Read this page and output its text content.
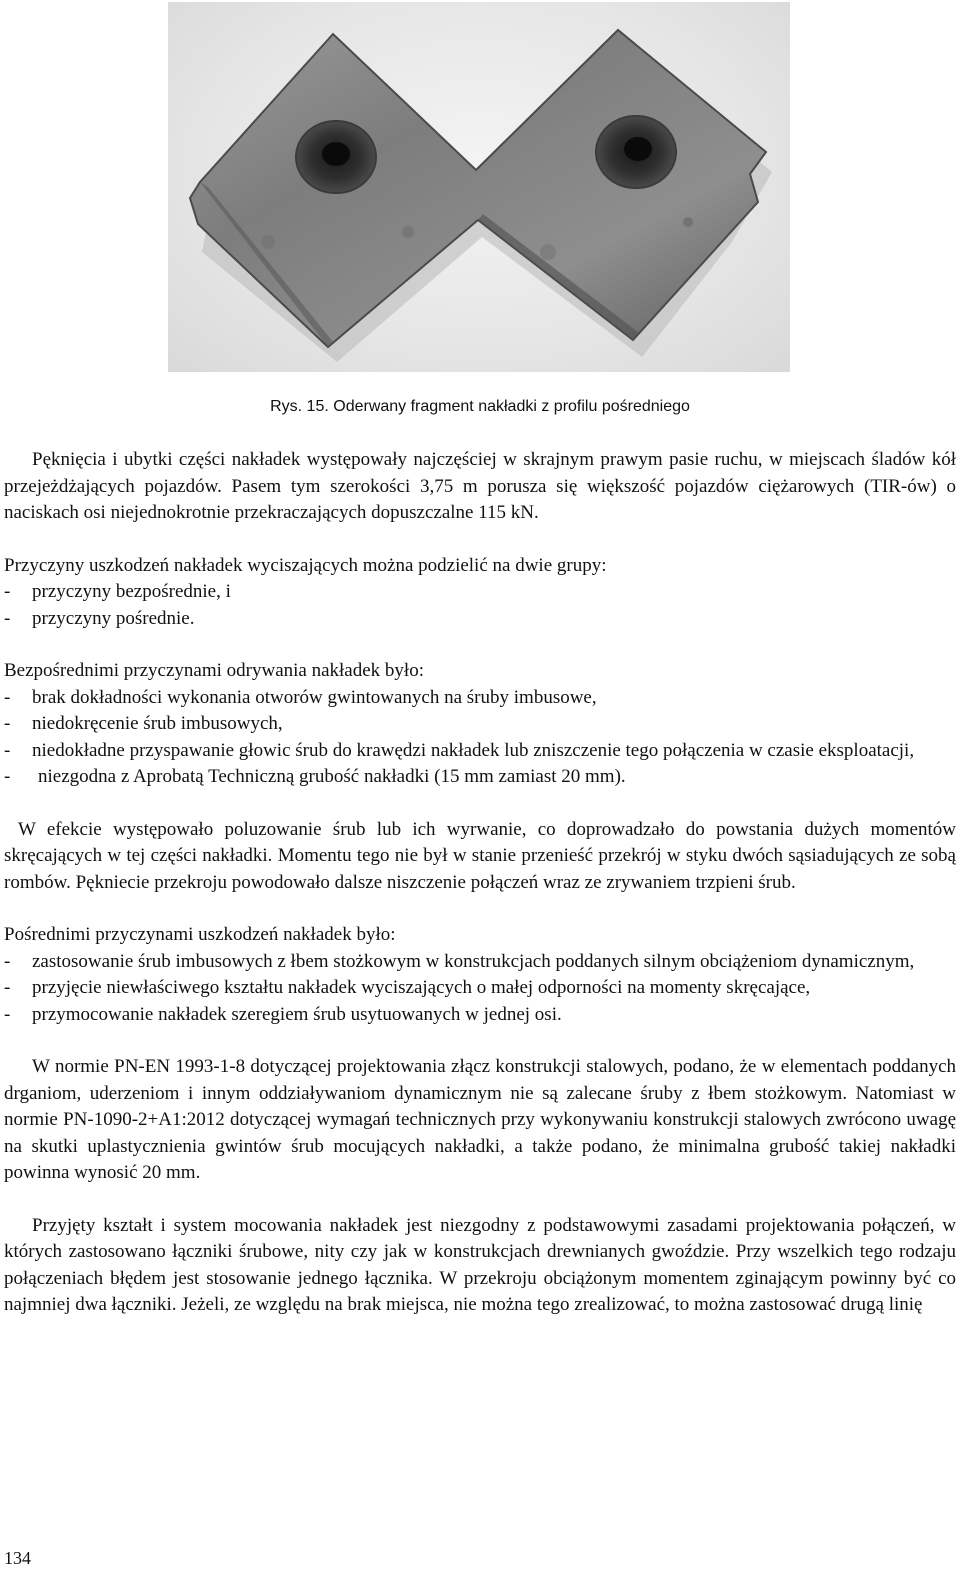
Rys. 15. Oderwany fragment nakładki z profilu pośredniego

Pęknięcia i ubytki części nakładek występowały najczęściej w skrajnym prawym pasie ruchu, w miejscach śladów kół przejeżdżających pojazdów. Pasem tym szerokości 3,75 m porusza się większość pojazdów ciężarowych (TIR-ów) o naciskach osi niejednokrotnie przekraczających dopuszczalne 115 kN.

Przyczyny uszkodzeń nakładek wyciszających można podzielić na dwie grupy:

-	przyczyny bezpośrednie, i
-	przyczyny pośrednie.

Bezpośrednimi przyczynami odrywania nakładek było:

-	brak dokładności wykonania otworów gwintowanych na śruby imbusowe,
-	niedokręcenie śrub imbusowych,
-	niedokładne przyspawanie głowic śrub do krawędzi nakładek lub zniszczenie tego połączenia w czasie eksploatacji,
-	niezgodna z Aprobatą Techniczną grubość nakładki (15 mm zamiast 20 mm).

W efekcie występowało poluzowanie śrub lub ich wyrwanie, co doprowadzało do powstania dużych momentów skręcających w tej części nakładki. Momentu tego nie był w stanie przenieść przekrój w styku dwóch sąsiadujących ze sobą rombów. Pękniecie przekroju powodowało dalsze niszczenie połączeń wraz ze zrywaniem trzpieni śrub.

Pośrednimi przyczynami uszkodzeń nakładek było:

-	zastosowanie śrub imbusowych z łbem stożkowym w konstrukcjach poddanych silnym obciążeniom dynamicznym,
-	przyjęcie niewłaściwego kształtu nakładek wyciszających o małej odporności na momenty skręcające,
-	przymocowanie nakładek szeregiem śrub usytuowanych w jednej osi.

W normie PN-EN 1993-1-8 dotyczącej projektowania złącz konstrukcji stalowych, podano, że w elementach poddanych drganiom, uderzeniom i innym oddziaływaniom dynamicznym nie są zalecane śruby z łbem stożkowym. Natomiast w normie PN-1090-2+A1:2012 dotyczącej wymagań technicznych przy wykonywaniu konstrukcji stalowych zwrócono uwagę na skutki uplastycznienia gwintów śrub mocujących nakładki, a także podano, że minimalna grubość takiej nakładki powinna wynosić 20 mm.

Przyjęty kształt i system mocowania nakładek jest niezgodny z podstawowymi zasadami projektowania połączeń, w których zastosowano łączniki śrubowe, nity czy jak w konstrukcjach drewnianych gwoździe. Przy wszelkich tego rodzaju połączeniach błędem jest stosowanie jednego łącznika. W przekroju obciążonym momentem zginającym powinny być co najmniej dwa łączniki. Jeżeli, ze względu na brak miejsca, nie można tego zrealizować, to można zastosować drugą linię

134
